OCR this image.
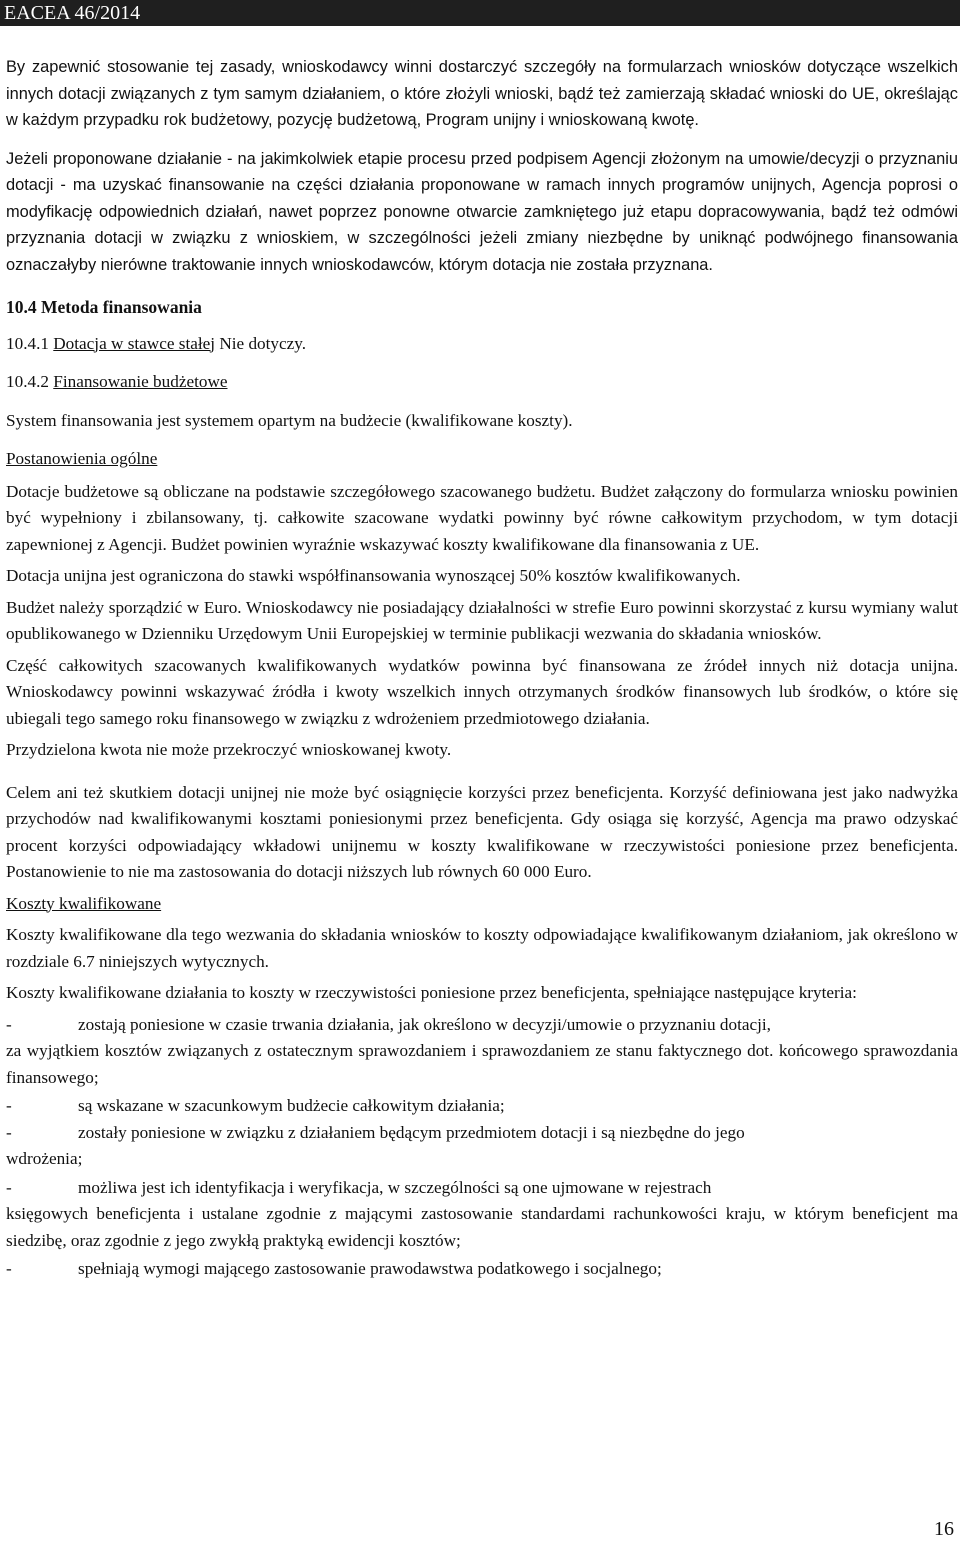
EACEA 46/2014

By zapewnić stosowanie tej zasady, wnioskodawcy winni dostarczyć szczegóły na formularzach wniosków dotyczące wszelkich innych dotacji związanych z tym samym działaniem, o które złożyli wnioski, bądź też zamierzają składać wnioski do UE, określając w każdym przypadku rok budżetowy, pozycję budżetową, Program unijny i wnioskowaną kwotę.

Jeżeli proponowane działanie - na jakimkolwiek etapie procesu przed podpisem Agencji złożonym na umowie/decyzji o przyznaniu dotacji - ma uzyskać finansowanie na części działania proponowane w ramach innych programów unijnych, Agencja poprosi o modyfikację odpowiednich działań, nawet poprzez ponowne otwarcie zamkniętego już etapu dopracowywania, bądź też odmówi przyznania dotacji w związku z wnioskiem, w szczególności jeżeli zmiany niezbędne by uniknąć podwójnego finansowania oznaczałyby nierówne traktowanie innych wnioskodawców, którym dotacja nie została przyznana.

10.4 Metoda finansowania

10.4.1 Dotacja w stawce stałej Nie dotyczy.

10.4.2 Finansowanie budżetowe

System finansowania jest systemem opartym na budżecie (kwalifikowane koszty).

Postanowienia ogólne

Dotacje budżetowe są obliczane na podstawie szczegółowego szacowanego budżetu. Budżet załączony do formularza wniosku powinien być wypełniony i zbilansowany, tj. całkowite szacowane wydatki powinny być równe całkowitym przychodom, w tym dotacji zapewnionej z Agencji. Budżet powinien wyraźnie wskazywać koszty kwalifikowane dla finansowania z UE.

Dotacja unijna jest ograniczona do stawki współfinansowania wynoszącej 50% kosztów kwalifikowanych.

Budżet należy sporządzić w Euro. Wnioskodawcy nie posiadający działalności w strefie Euro powinni skorzystać z kursu wymiany walut opublikowanego w Dzienniku Urzędowym Unii Europejskiej w terminie publikacji wezwania do składania wniosków.

Część całkowitych szacowanych kwalifikowanych wydatków powinna być finansowana ze źródeł innych niż dotacja unijna. Wnioskodawcy powinni wskazywać źródła i kwoty wszelkich innych otrzymanych środków finansowych lub środków, o które się ubiegali tego samego roku finansowego w związku z wdrożeniem przedmiotowego działania.

Przydzielona kwota nie może przekroczyć wnioskowanej kwoty.

Celem ani też skutkiem dotacji unijnej nie może być osiągnięcie korzyści przez beneficjenta. Korzyść definiowana jest jako nadwyżka przychodów nad kwalifikowanymi kosztami poniesionymi przez beneficjenta. Gdy osiąga się korzyść, Agencja ma prawo odzyskać procent korzyści odpowiadający wkładowi unijnemu w koszty kwalifikowane w rzeczywistości poniesione przez beneficjenta. Postanowienie to nie ma zastosowania do dotacji niższych lub równych 60 000 Euro.

Koszty kwalifikowane

Koszty kwalifikowane dla tego wezwania do składania wniosków to koszty odpowiadające kwalifikowanym działaniom, jak określono w rozdziale 6.7 niniejszych wytycznych.

Koszty kwalifikowane działania to koszty w rzeczywistości poniesione przez beneficjenta, spełniające następujące kryteria:

-	zostają poniesione w czasie trwania działania, jak określono w decyzji/umowie o przyznaniu dotacji,

za wyjątkiem kosztów związanych z ostatecznym sprawozdaniem i sprawozdaniem ze stanu faktycznego dot. końcowego sprawozdania finansowego;

-	są wskazane w szacunkowym budżecie całkowitym działania;
-	zostały poniesione w związku z działaniem będącym przedmiotem dotacji i są niezbędne do jego

wdrożenia;

-	możliwa jest ich identyfikacja i weryfikacja, w szczególności są one ujmowane w rejestrach

księgowych beneficjenta i ustalane zgodnie z mającymi zastosowanie standardami rachunkowości kraju, w którym beneficjent ma siedzibę, oraz zgodnie z jego zwykłą praktyką ewidencji kosztów;

-	spełniają wymogi mającego zastosowanie prawodawstwa podatkowego i socjalnego;
16
